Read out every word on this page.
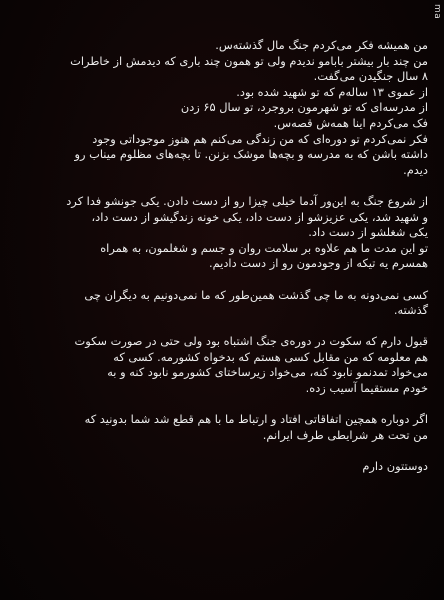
ma
من همیشه فکر می‌کردم جنگ مال گذشته‌س.
من چند بار بیشتر بابامو ندیدم ولی تو همون چند باری که دیدمش از خاطرات
۸ سال جنگیدن می‌گفت.
از عموی ۱۳ ساله‌م که تو شهید شده بود.
از مدرسه‌ای که تو شهرمون بروجرد، تو سال ۶۵ زدن
فک می‌کردم اینا همه‌ش قصه‌س.
فکر نمی‌کردم تو دوره‌ای که من زندگی می‌کنم هم هنوز موجوداتی وجود
داشته باشن که به مدرسه و بچه‌ها موشک بزنن. تا بچه‌های مظلوم میناب رو
دیدم.
از شروع جنگ به این‌ور آدما خیلی چیزا رو از دست دادن. یکی جونشو فدا کرد
و شهید شد، یکی عزیزشو از دست داد، یکی خونه زندگیشو از دست داد،
یکی شغلشو از دست داد.
تو این مدت ما هم علاوه بر سلامت روان و جسم و شغلمون، به همراه
همسرم یه تیکه از وجودمون رو از دست دادیم.
کسی نمی‌دونه به ما چی گذشت همین‌طور که ما نمی‌دونیم به دیگران چی
گذشته.
قبول دارم که سکوت در دوره‌ی جنگ اشتباه بود ولی حتی در صورت سکوت
هم معلومه که من مقابل کسی هستم که بدخواه کشورمه. کسی که
می‌خواد تمدنمو نابود کنه، می‌خواد زیرساختای کشورمو نابود کنه و به
خودم مستقیما آسیب زده.
اگر دوباره همچین اتفاقاتی افتاد و ارتباط ما با هم قطع شد شما بدونید که
من تحت هر شرایطی طرف ایرانم.
دوستتون دارم
